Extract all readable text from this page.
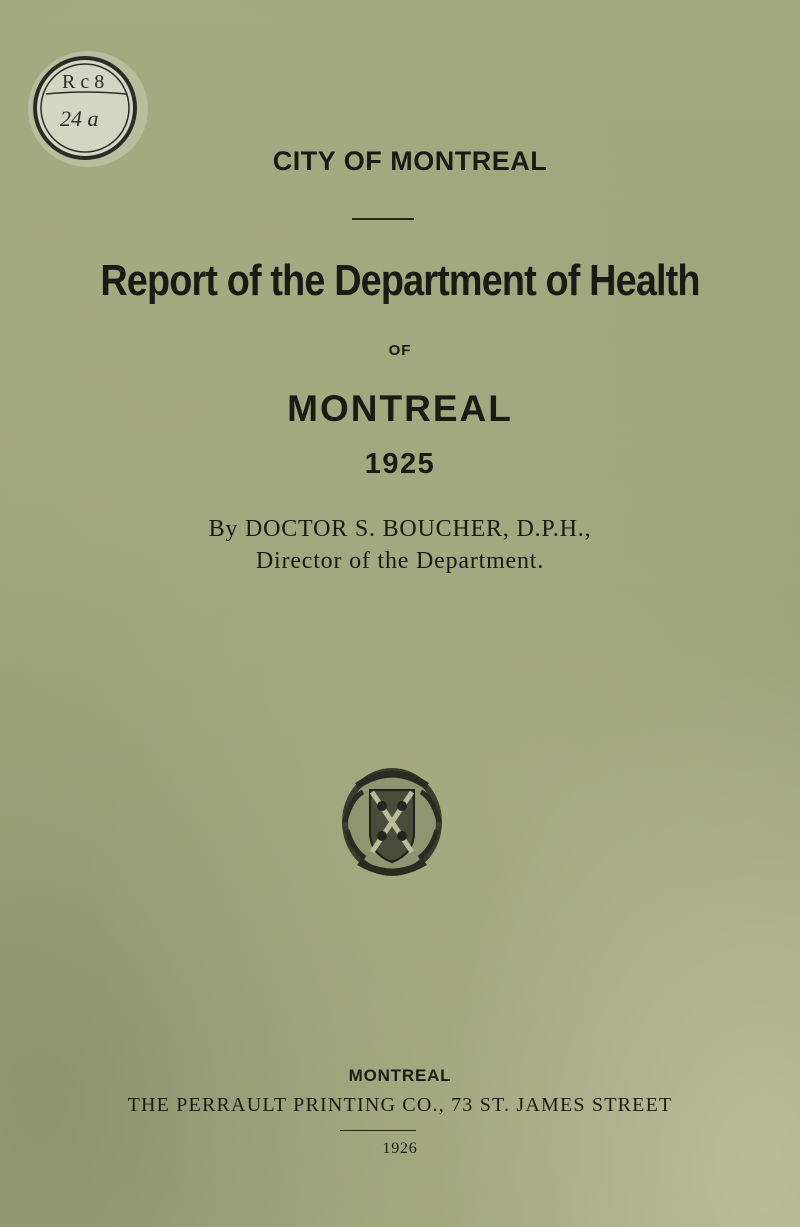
R c 8
24 a

CITY OF MONTREAL

Report of the Department of Health

OF

MONTREAL

1925

By DOCTOR S. BOUCHER, D.P.H.,

Director of the Department.

MONTREAL

THE PERRAULT PRINTING CO., 73 ST. JAMES STREET

1926
